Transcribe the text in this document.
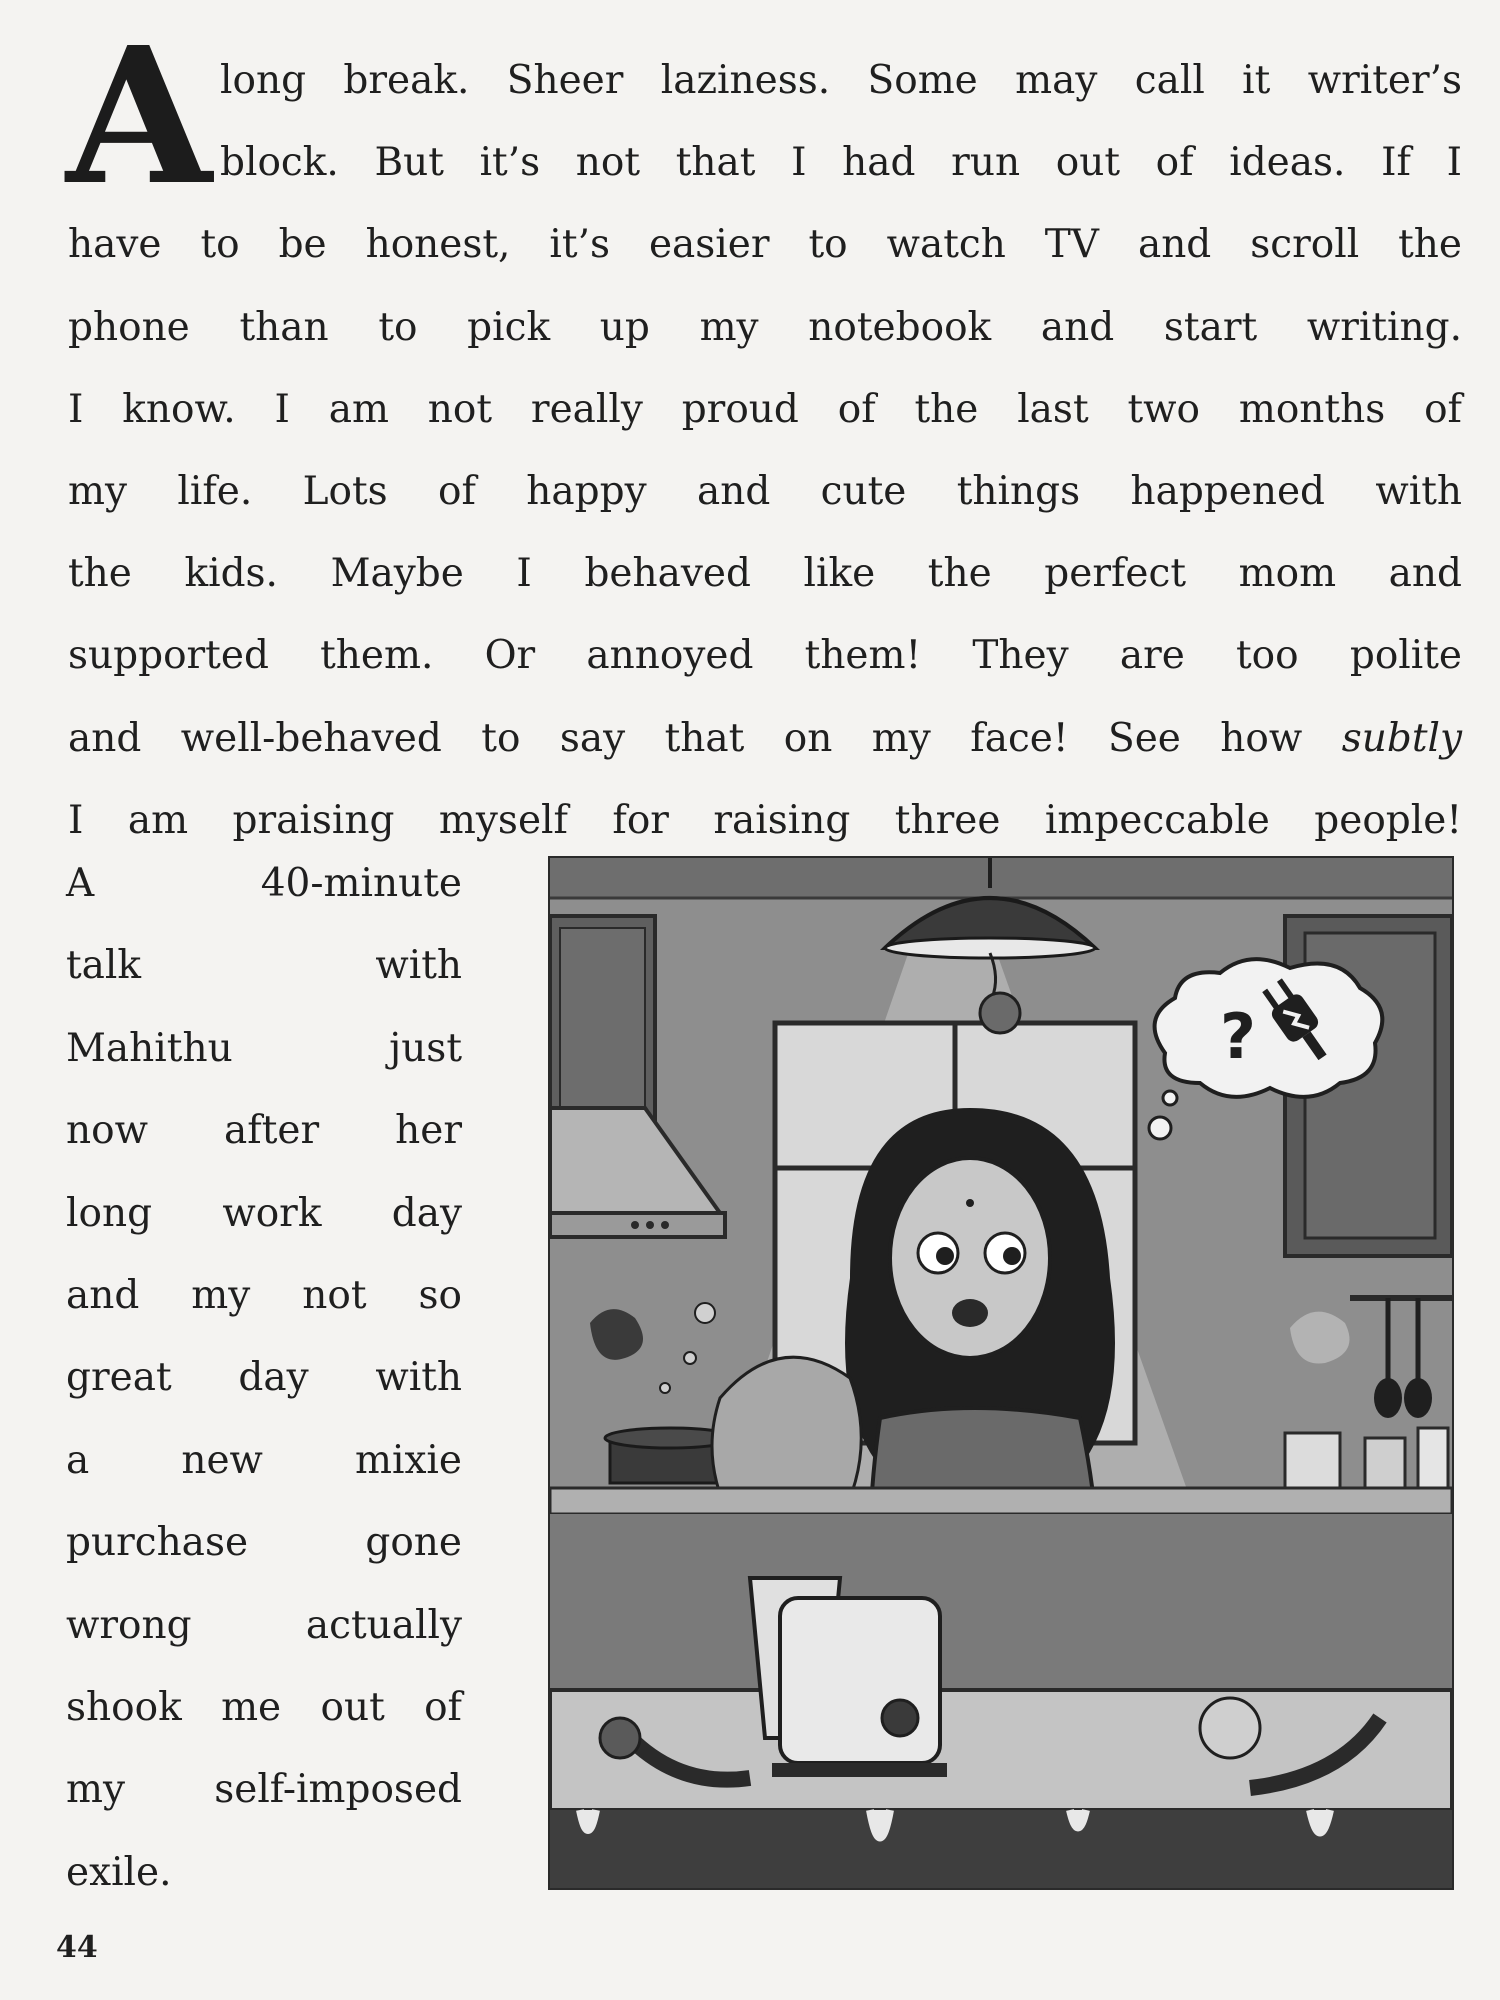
A long break. Sheer laziness. Some may call it writer’s
block. But it’s not that I had run out of ideas. If I
have to be honest, it’s easier to watch TV and scroll the
phone than to pick up my notebook and start writing.
I know. I am not really proud of the last two months of
my life. Lots of happy and cute things happened with
the kids. Maybe I behaved like the perfect mom and
supported them. Or annoyed them! They are too polite
and well-behaved to say that on my face! See how subtly
I am praising myself for raising three impeccable people!
A 40-minute
talk with
Mahithu just
now after her
long work day
and my not so
great day with
a new mixie
purchase gone
wrong actually
shook me out of
my self-imposed
exile.
?
44
